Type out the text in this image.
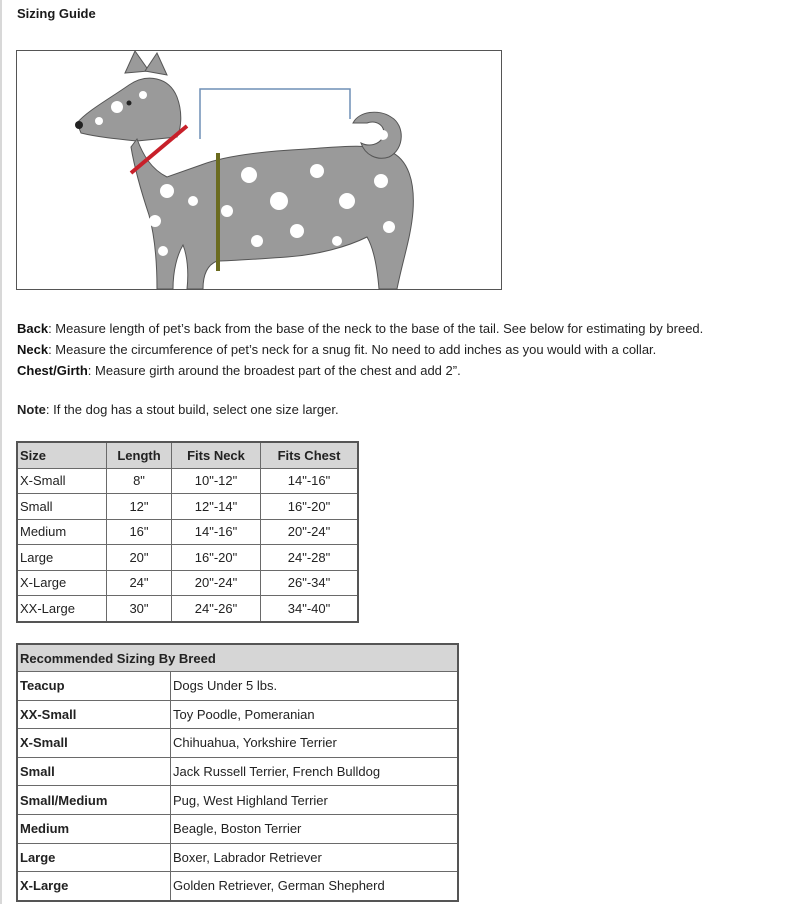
Sizing Guide

Back: Measure length of pet’s back from the base of the neck to the base of the tail. See below for estimating by breed.

Neck: Measure the circumference of pet’s neck for a snug fit. No need to add inches as you would with a collar.

Chest/Girth: Measure girth around the broadest part of the chest and add 2”.

Note: If the dog has a stout build, select one size larger.
Size	Length	Fits Neck	Fits Chest
X-Small	8"	10"-12"	14"-16"
Small	12"	12"-14"	16"-20"
Medium	16"	14"-16"	20"-24"
Large	20"	16"-20"	24"-28"
X-Large	24"	20"-24"	26"-34"
XX-Large	30"	24"-26"	34"-40"
Recommended Sizing By Breed	
Teacup	Dogs Under 5 lbs.
XX-Small	Toy Poodle, Pomeranian
X-Small	Chihuahua, Yorkshire Terrier
Small	Jack Russell Terrier, French Bulldog
Small/Medium	Pug, West Highland Terrier
Medium	Beagle, Boston Terrier
Large	Boxer, Labrador Retriever
X-Large	Golden Retriever, German Shepherd
